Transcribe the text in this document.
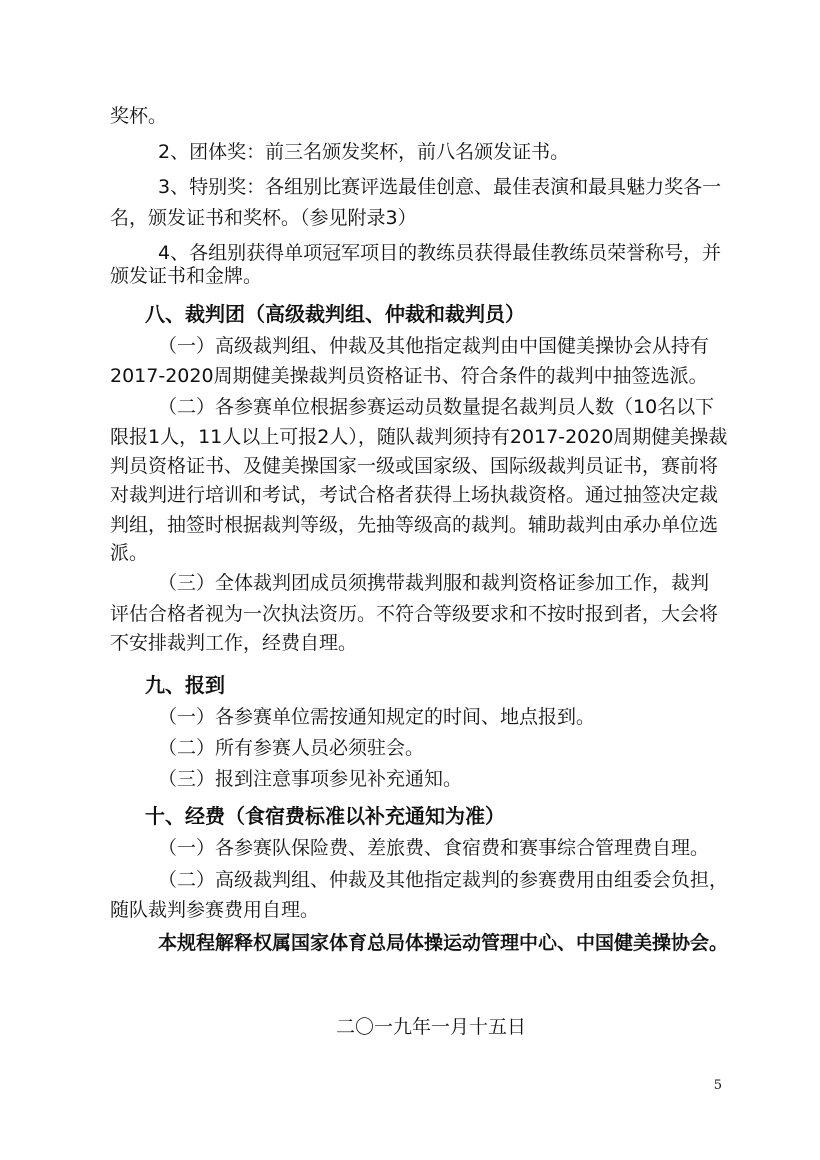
奖杯。
2、团体奖：前三名颁发奖杯，前八名颁发证书。
3、特别奖：各组别比赛评选最佳创意、最佳表演和最具魅力奖各一
名，颁发证书和奖杯。（参见附录3）
4、各组别获得单项冠军项目的教练员获得最佳教练员荣誉称号，并
颁发证书和金牌。
八、裁判团（高级裁判组、仲裁和裁判员）
（一）高级裁判组、仲裁及其他指定裁判由中国健美操协会从持有
2017-2020周期健美操裁判员资格证书、符合条件的裁判中抽签选派。
（二）各参赛单位根据参赛运动员数量提名裁判员人数（10名以下
限报1人，11人以上可报2人），随队裁判须持有2017-2020周期健美操裁
判员资格证书、及健美操国家一级或国家级、国际级裁判员证书，赛前将
对裁判进行培训和考试，考试合格者获得上场执裁资格。通过抽签决定裁
判组，抽签时根据裁判等级，先抽等级高的裁判。辅助裁判由承办单位选
派。
（三）全体裁判团成员须携带裁判服和裁判资格证参加工作，裁判
评估合格者视为一次执法资历。不符合等级要求和不按时报到者，大会将
不安排裁判工作，经费自理。
九、报到
（一）各参赛单位需按通知规定的时间、地点报到。
（二）所有参赛人员必须驻会。
（三）报到注意事项参见补充通知。
十、经费（食宿费标准以补充通知为准）
（一）各参赛队保险费、差旅费、食宿费和赛事综合管理费自理。
（二）高级裁判组、仲裁及其他指定裁判的参赛费用由组委会负担，
随队裁判参赛费用自理。
本规程解释权属国家体育总局体操运动管理中心、中国健美操协会。
二〇一九年一月十五日
5
